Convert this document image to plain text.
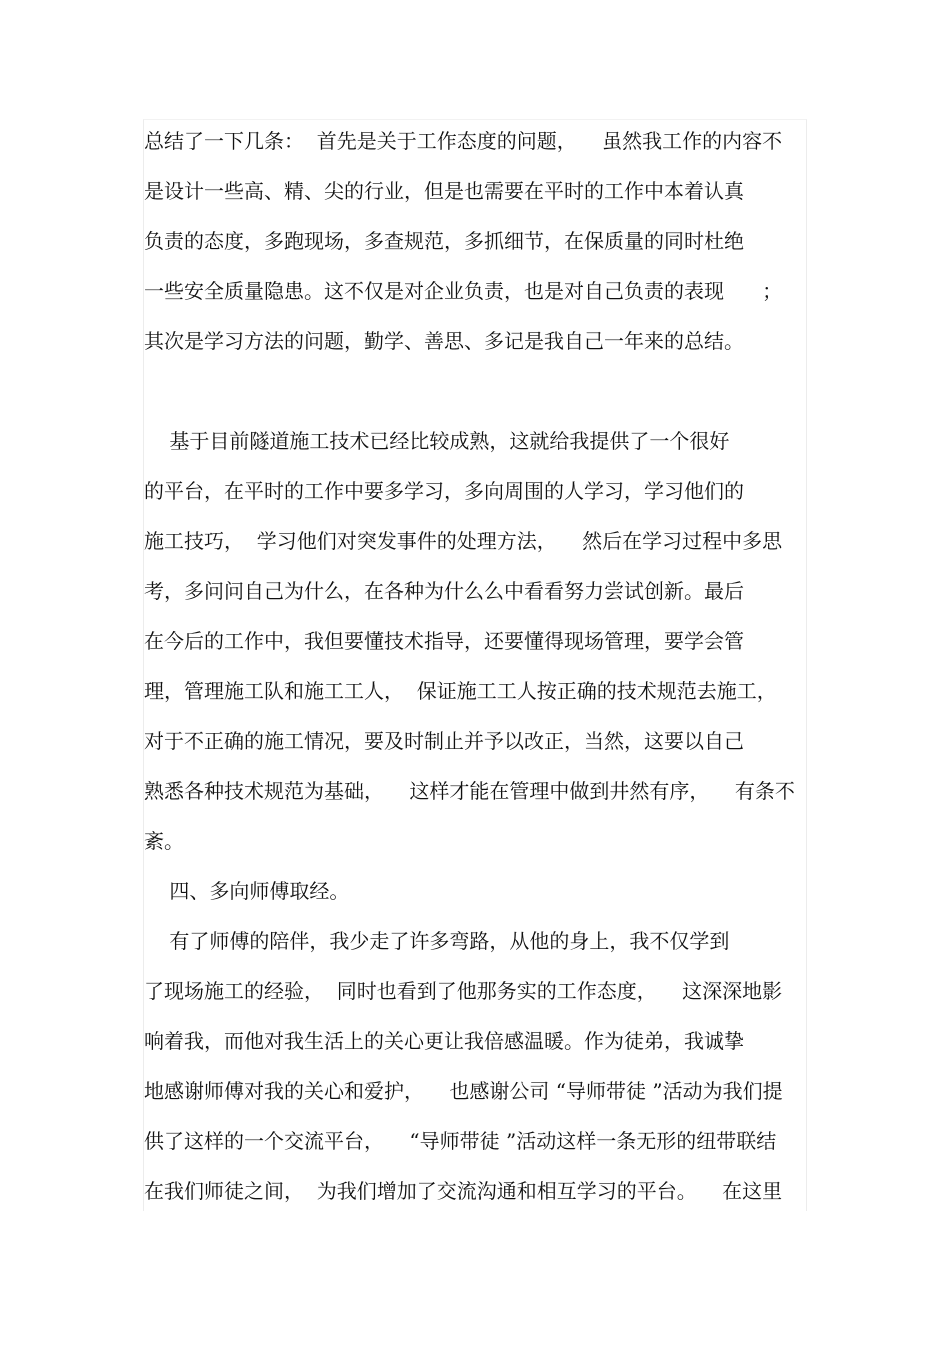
总结了一下几条：  首先是关于工作态度的问题，    虽然我工作的内容不

是设计一些高、精、尖的行业，但是也需要在平时的工作中本着认真

负责的态度，多跑现场，多查规范，多抓细节，在保质量的同时杜绝

一些安全质量隐患。这不仅是对企业负责，也是对自己负责的表现      ；

其次是学习方法的问题，勤学、善思、多记是我自己一年来的总结。

基于目前隧道施工技术已经比较成熟，这就给我提供了一个很好

的平台，在平时的工作中要多学习，多向周围的人学习，学习他们的

施工技巧，  学习他们对突发事件的处理方法，    然后在学习过程中多思

考，多问问自己为什么，在各种为什么么中看看努力尝试创新。最后

在今后的工作中，我但要懂技术指导，还要懂得现场管理，要学会管

理，管理施工队和施工工人，  保证施工工人按正确的技术规范去施工，

对于不正确的施工情况，要及时制止并予以改正，当然，这要以自己

熟悉各种技术规范为基础，    这样才能在管理中做到井然有序，    有条不

紊。

四、多向师傅取经。

有了师傅的陪伴，我少走了许多弯路，从他的身上，我不仅学到

了现场施工的经验，  同时也看到了他那务实的工作态度，    这深深地影

响着我，而他对我生活上的关心更让我倍感温暖。作为徒弟，我诚挚

地感谢师傅对我的关心和爱护，    也感谢公司 “导师带徒 ”活动为我们提

供了这样的一个交流平台，    “导师带徒 ”活动这样一条无形的纽带联结

在我们师徒之间，  为我们增加了交流沟通和相互学习的平台。    在这里
